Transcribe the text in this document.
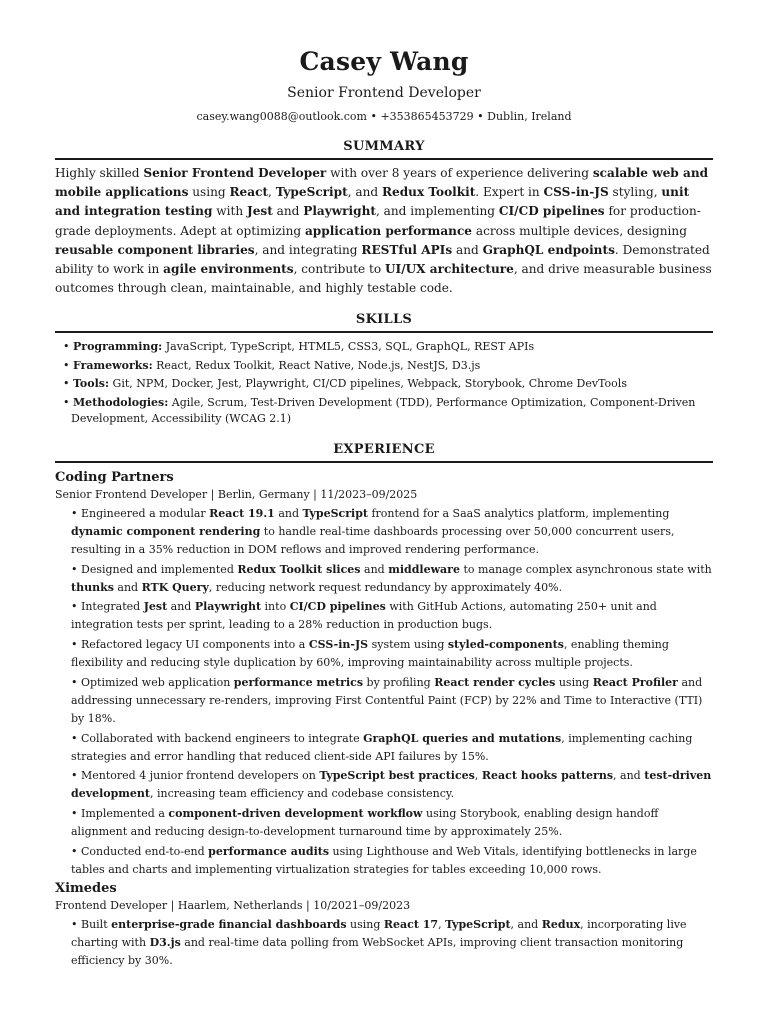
Casey Wang
Senior Frontend Developer
casey.wang0088@outlook.com • +353865453729 • Dublin, Ireland
SUMMARY
Highly skilled Senior Frontend Developer with over 8 years of experience delivering scalable web and mobile applications using React, TypeScript, and Redux Toolkit. Expert in CSS-in-JS styling, unit and integration testing with Jest and Playwright, and implementing CI/CD pipelines for production-grade deployments. Adept at optimizing application performance across multiple devices, designing reusable component libraries, and integrating RESTful APIs and GraphQL endpoints. Demonstrated ability to work in agile environments, contribute to UI/UX architecture, and drive measurable business outcomes through clean, maintainable, and highly testable code.
SKILLS
• Programming: JavaScript, TypeScript, HTML5, CSS3, SQL, GraphQL, REST APIs
• Frameworks: React, Redux Toolkit, React Native, Node.js, NestJS, D3.js
• Tools: Git, NPM, Docker, Jest, Playwright, CI/CD pipelines, Webpack, Storybook, Chrome DevTools
• Methodologies: Agile, Scrum, Test-Driven Development (TDD), Performance Optimization, Component-Driven Development, Accessibility (WCAG 2.1)
EXPERIENCE
Coding Partners
Senior Frontend Developer | Berlin, Germany | 11/2023–09/2025
• Engineered a modular React 19.1 and TypeScript frontend for a SaaS analytics platform, implementing dynamic component rendering to handle real-time dashboards processing over 50,000 concurrent users, resulting in a 35% reduction in DOM reflows and improved rendering performance.
• Designed and implemented Redux Toolkit slices and middleware to manage complex asynchronous state with thunks and RTK Query, reducing network request redundancy by approximately 40%.
• Integrated Jest and Playwright into CI/CD pipelines with GitHub Actions, automating 250+ unit and integration tests per sprint, leading to a 28% reduction in production bugs.
• Refactored legacy UI components into a CSS-in-JS system using styled-components, enabling theming flexibility and reducing style duplication by 60%, improving maintainability across multiple projects.
• Optimized web application performance metrics by profiling React render cycles using React Profiler and addressing unnecessary re-renders, improving First Contentful Paint (FCP) by 22% and Time to Interactive (TTI) by 18%.
• Collaborated with backend engineers to integrate GraphQL queries and mutations, implementing caching strategies and error handling that reduced client-side API failures by 15%.
• Mentored 4 junior frontend developers on TypeScript best practices, React hooks patterns, and test-driven development, increasing team efficiency and codebase consistency.
• Implemented a component-driven development workflow using Storybook, enabling design handoff alignment and reducing design-to-development turnaround time by approximately 25%.
• Conducted end-to-end performance audits using Lighthouse and Web Vitals, identifying bottlenecks in large tables and charts and implementing virtualization strategies for tables exceeding 10,000 rows.
Ximedes
Frontend Developer | Haarlem, Netherlands | 10/2021–09/2023
• Built enterprise-grade financial dashboards using React 17, TypeScript, and Redux, incorporating live charting with D3.js and real-time data polling from WebSocket APIs, improving client transaction monitoring efficiency by 30%.
